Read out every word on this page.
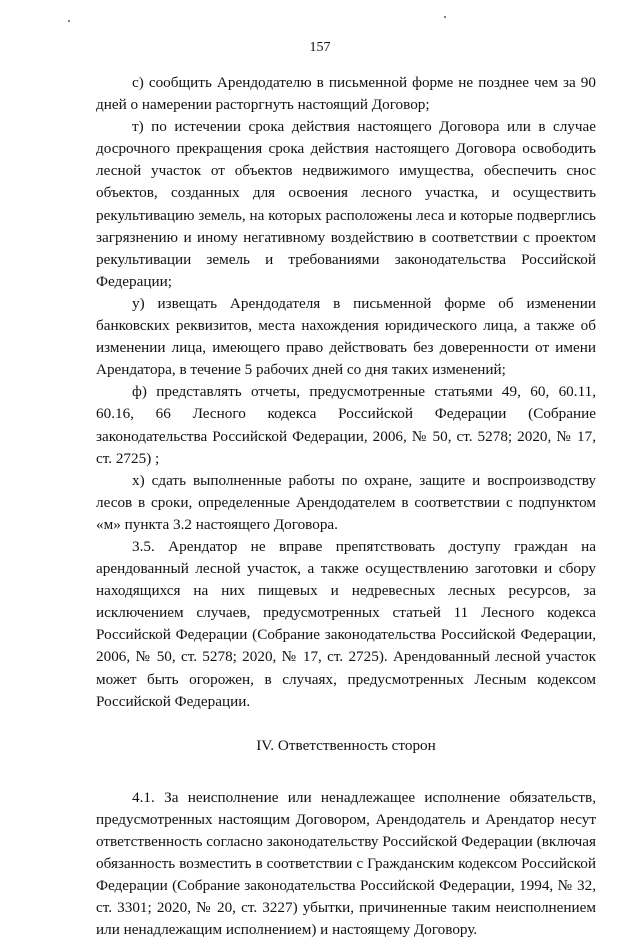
157

с) сообщить Арендодателю в письменной форме не позднее чем за 90 дней о намерении расторгнуть настоящий Договор;

т) по истечении срока действия настоящего Договора или в случае досрочного прекращения срока действия настоящего Договора освободить лесной участок от объектов недвижимого имущества, обеспечить снос объектов, созданных для освоения лесного участка, и осуществить рекультивацию земель, на которых расположены леса и которые подверглись загрязнению и иному негативному воздействию в соответствии с проектом рекультивации земель и требованиями законодательства Российской Федерации;

у) извещать Арендодателя в письменной форме об изменении банковских реквизитов, места нахождения юридического лица, а также об изменении лица, имеющего право действовать без доверенности от имени Арендатора, в течение 5 рабочих дней со дня таких изменений;

ф) представлять отчеты, предусмотренные статьями 49, 60, 60.11, 60.16, 66 Лесного кодекса Российской Федерации (Собрание законодательства Российской Федерации, 2006, № 50, ст. 5278; 2020, № 17, ст. 2725) ;

х) сдать выполненные работы по охране, защите и воспроизводству лесов в сроки, определенные Арендодателем в соответствии с подпунктом «м» пункта 3.2 настоящего Договора.

3.5. Арендатор не вправе препятствовать доступу граждан на арендованный лесной участок, а также осуществлению заготовки и сбору находящихся на них пищевых и недревесных лесных ресурсов, за исключением случаев, предусмотренных статьей 11 Лесного кодекса Российской Федерации (Собрание законодательства Российской Федерации, 2006, № 50, ст. 5278; 2020, № 17, ст. 2725). Арендованный лесной участок может быть огорожен, в случаях, предусмотренных Лесным кодексом Российской Федерации.

IV. Ответственность сторон

4.1. За неисполнение или ненадлежащее исполнение обязательств, предусмотренных настоящим Договором, Арендодатель и Арендатор несут ответственность согласно законодательству Российской Федерации (включая обязанность возместить в соответствии с Гражданским кодексом Российской Федерации (Собрание законодательства Российской Федерации, 1994, № 32, ст. 3301; 2020, № 20, ст. 3227) убытки, причиненные таким неисполнением или ненадлежащим исполнением) и настоящему Договору.
